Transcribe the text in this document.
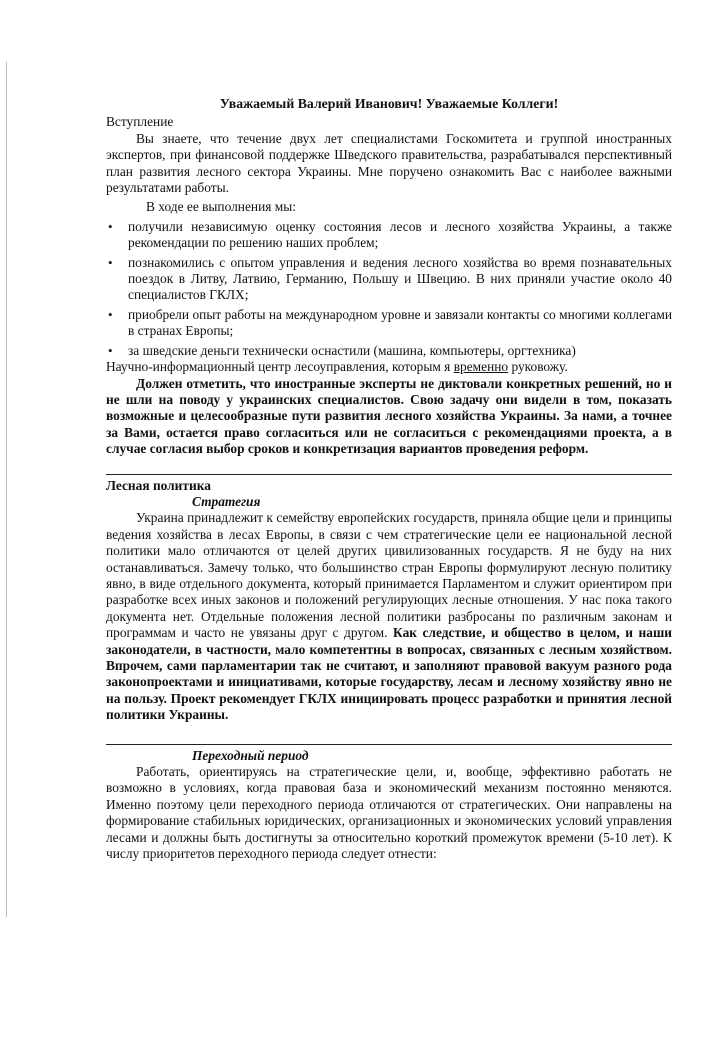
Уважаемый Валерий Иванович! Уважаемые Коллеги!
Вступление

Вы знаете, что течение двух лет специалистами Госкомитета и группой иностранных экспертов, при финансовой поддержке Шведского правительства, разрабатывался перспективный план развития лесного сектора Украины. Мне поручено ознакомить Вас с наиболее важными результатами работы.

В ходе ее выполнения мы:

• получили независимую оценку состояния лесов и лесного хозяйства Украины, а также рекомендации по решению наших проблем;
• познакомились с опытом управления и ведения лесного хозяйства во время познавательных поездок в Литву, Латвию, Германию, Польшу и Швецию. В них приняли участие около 40 специалистов ГКЛХ;
• приобрели опыт работы на международном уровне и завязали контакты со многими коллегами в странах Европы;
• за шведские деньги технически оснастили (машина, компьютеры, оргтехника)

Научно-информационный центр лесоуправления, которым я временно руковожу.

Должен отметить, что иностранные эксперты не диктовали конкретных решений, но и не шли на поводу у украинских специалистов. Свою задачу они видели в том, показать возможные и целесообразные пути развития лесного хозяйства Украины. За нами, а точнее за Вами, остается право согласиться или не согласиться с рекомендациями проекта, а в случае согласия выбор сроков и конкретизация вариантов проведения реформ.

Лесная политика
Стратегия

Украина принадлежит к семейству европейских государств, приняла общие цели и принципы ведения хозяйства в лесах Европы, в связи с чем стратегические цели ее национальной лесной политики мало отличаются от целей других цивилизованных государств. Я не буду на них останавливаться. Замечу только, что большинство стран Европы формулируют лесную политику явно, в виде отдельного документа, который принимается Парламентом и служит ориентиром при разработке всех иных законов и положений регулирующих лесные отношения. У нас пока такого документа нет. Отдельные положения лесной политики разбросаны по различным законам и программам и часто не увязаны друг с другом. Как следствие, и общество в целом, и наши законодатели, в частности, мало компетентны в вопросах, связанных с лесным хозяйством. Впрочем, сами парламентарии так не считают, и заполняют правовой вакуум разного рода законопроектами и инициативами, которые государству, лесам и лесному хозяйству явно не на пользу. Проект рекомендует ГКЛХ инициировать процесс разработки и принятия лесной политики Украины.

Переходный период

Работать, ориентируясь на стратегические цели, и, вообще, эффективно работать не возможно в условиях, когда правовая база и экономический механизм постоянно меняются. Именно поэтому цели переходного периода отличаются от стратегических. Они направлены на формирование стабильных юридических, организационных и экономических условий управления лесами и должны быть достигнуты за относительно короткий промежуток времени (5-10 лет). К числу приоритетов переходного периода следует отнести:
